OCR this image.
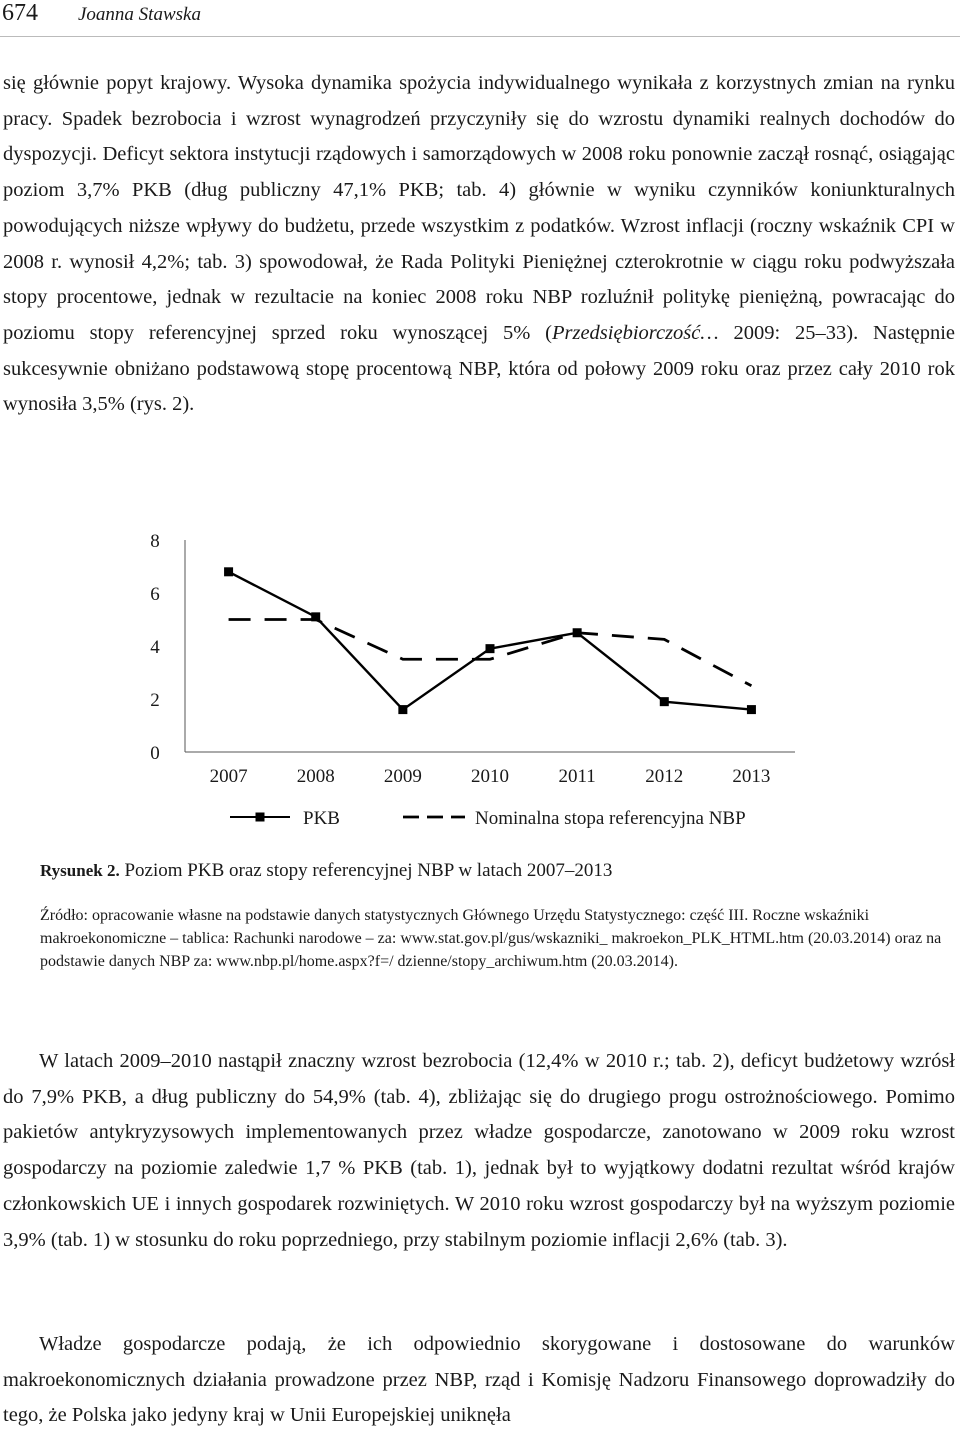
674 Joanna Stawska

się głównie popyt krajowy. Wysoka dynamika spożycia indywidualnego wynikała z korzystnych zmian na rynku pracy. Spadek bezrobocia i wzrost wynagrodzeń przyczyniły się do wzrostu dynamiki realnych dochodów do dyspozycji. Deficyt sektora instytucji rządowych i samorządowych w 2008 roku ponownie zaczął rosnąć, osiągając poziom 3,7% PKB (dług publiczny 47,1% PKB; tab. 4) głównie w wyniku czynników koniunkturalnych powodujących niższe wpływy do budżetu, przede wszystkim z podatków. Wzrost inflacji (roczny wskaźnik CPI w 2008 r. wynosił 4,2%; tab. 3) spowodował, że Rada Polityki Pieniężnej czterokrotnie w ciągu roku podwyższała stopy procentowe, jednak w rezultacie na koniec 2008 roku NBP rozluźnił politykę pieniężną, powracając do poziomu stopy referencyjnej sprzed roku wynoszącej 5% (Przedsiębiorczość… 2009: 25–33). Następnie sukcesywnie obniżano podstawową stopę procentową NBP, która od połowy 2009 roku oraz przez cały 2010 rok wynosiła 3,5% (rys. 2).

0
2
4
6
8
2007	2008	2009	2010	2011	2012	2013
PKB	Nominalna stopa referencyjna NBP
Rysunek 2. Poziom PKB oraz stopy referencyjnej NBP w latach 2007–2013

Źródło: opracowanie własne na podstawie danych statystycznych Głównego Urzędu Statystycznego: część III. Roczne wskaźniki makroekonomiczne – tablica: Rachunki narodowe – za: www.stat.gov.pl/gus/wskazniki_ makroekon_PLK_HTML.htm (20.03.2014) oraz na podstawie danych NBP za: www.nbp.pl/home.aspx?f=/ dzienne/stopy_archiwum.htm (20.03.2014).

W latach 2009–2010 nastąpił znaczny wzrost bezrobocia (12,4% w 2010 r.; tab. 2), deficyt budżetowy wzrósł do 7,9% PKB, a dług publiczny do 54,9% (tab. 4), zbliżając się do drugiego progu ostrożnościowego. Pomimo pakietów antykryzysowych implementowanych przez władze gospodarcze, zanotowano w 2009 roku wzrost gospodarczy na poziomie zaledwie 1,7 % PKB (tab. 1), jednak był to wyjątkowy dodatni rezultat wśród krajów członkowskich UE i innych gospodarek rozwiniętych. W 2010 roku wzrost gospodarczy był na wyższym poziomie 3,9% (tab. 1) w stosunku do roku poprzedniego, przy stabilnym poziomie inflacji 2,6% (tab. 3).

Władze gospodarcze podają, że ich odpowiednio skorygowane i dostosowane do warunków makroekonomicznych działania prowadzone przez NBP, rząd i Komisję Nadzoru Finansowego doprowadziły do tego, że Polska jako jedyny kraj w Unii Europejskiej uniknęła
